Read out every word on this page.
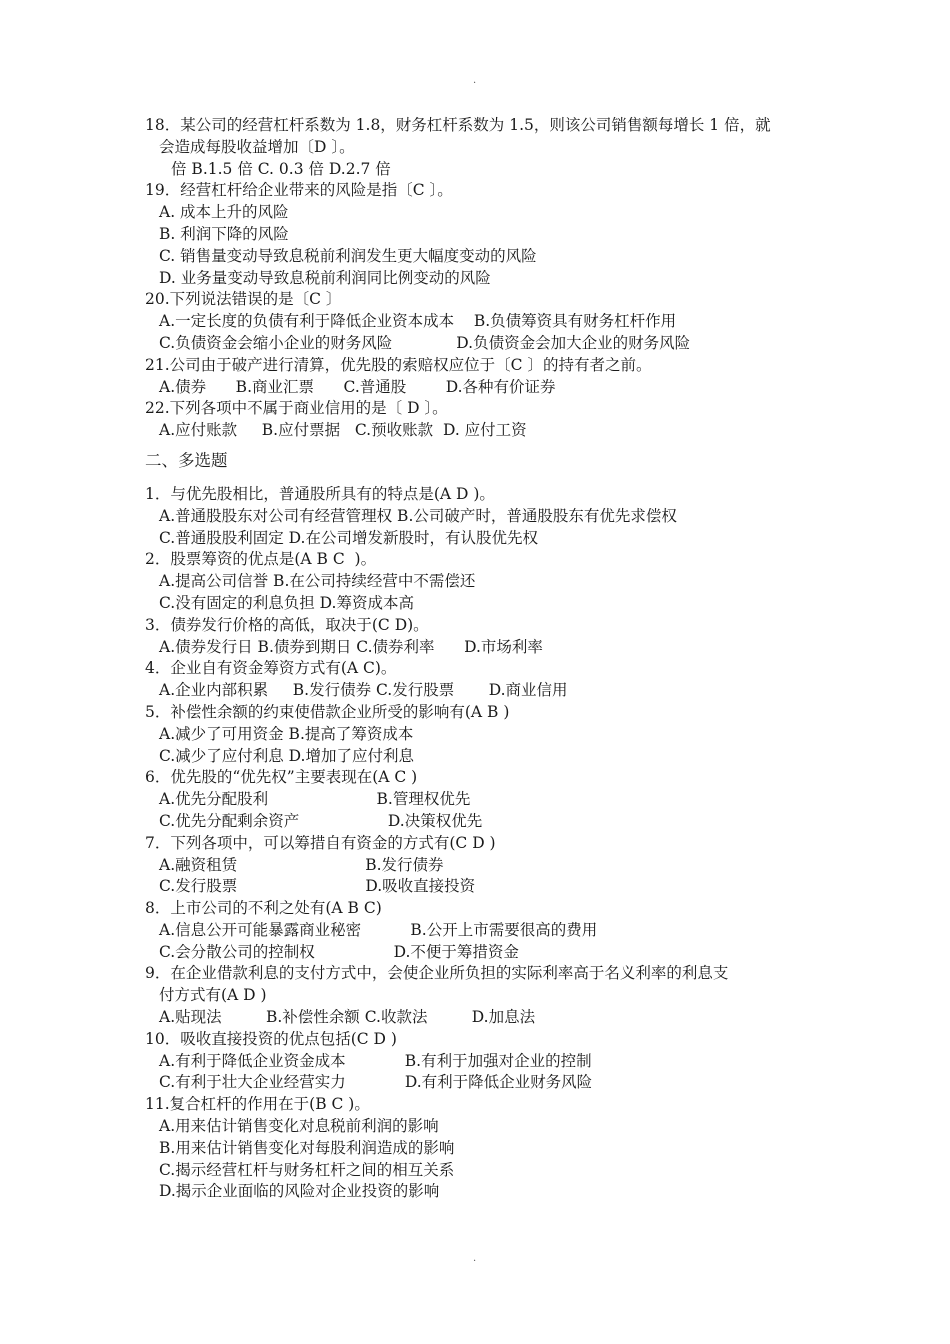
.
18．某公司的经营杠杆系数为 1.8，财务杠杆系数为 1.5，则该公司销售额每增长 1 倍，就
会造成每股收益增加〔D 〕。
倍 B.1.5 倍 C. 0.3 倍 D.2.7 倍
19．经营杠杆给企业带来的风险是指〔C 〕。
A. 成本上升的风险
B. 利润下降的风险
C. 销售量变动导致息税前利润发生更大幅度变动的风险
D. 业务量变动导致息税前利润同比例变动的风险
20.下列说法错误的是〔C 〕
A.一定长度的负债有利于降低企业资本成本    B.负债筹资具有财务杠杆作用
C.负债资金会缩小企业的财务风险             D.负债资金会加大企业的财务风险
21.公司由于破产进行清算，优先股的索赔权应位于〔C 〕的持有者之前。
A.债券      B.商业汇票      C.普通股        D.各种有价证券
22.下列各项中不属于商业信用的是〔 D 〕。
A.应付账款     B.应付票据   C.预收账款  D. 应付工资
二、多选题
1．与优先股相比，普通股所具有的特点是(A D )。
A.普通股股东对公司有经营管理权 B.公司破产时，普通股股东有优先求偿权
C.普通股股利固定 D.在公司增发新股时，有认股优先权
2．股票筹资的优点是(A B C  )。
A.提高公司信誉 B.在公司持续经营中不需偿还
C.没有固定的利息负担 D.筹资成本高
3．债券发行价格的高低，取决于(C D)。
A.债券发行日 B.债券到期日 C.债券利率      D.市场利率
4．企业自有资金筹资方式有(A C)。
A.企业内部积累     B.发行债券 C.发行股票       D.商业信用
5．补偿性余额的约束使借款企业所受的影响有(A B )
A.减少了可用资金 B.提高了筹资成本
C.减少了应付利息 D.增加了应付利息
6．优先股的“优先权”主要表现在(A C )
A.优先分配股利                      B.管理权优先
C.优先分配剩余资产                  D.决策权优先
7．下列各项中，可以筹措自有资金的方式有(C D )
A.融资租赁                          B.发行债券
C.发行股票                          D.吸收直接投资
8．上市公司的不利之处有(A B C)
A.信息公开可能暴露商业秘密          B.公开上市需要很高的费用
C.会分散公司的控制权                D.不便于筹措资金
9．在企业借款利息的支付方式中，会使企业所负担的实际利率高于名义利率的利息支
付方式有(A D )
A.贴现法         B.补偿性余额 C.收款法         D.加息法
10．吸收直接投资的优点包括(C D )
A.有利于降低企业资金成本            B.有利于加强对企业的控制
C.有利于壮大企业经营实力            D.有利于降低企业财务风险
11.复合杠杆的作用在于(B C )。
A.用来估计销售变化对息税前利润的影响
B.用来估计销售变化对每股利润造成的影响
C.揭示经营杠杆与财务杠杆之间的相互关系
D.揭示企业面临的风险对企业投资的影响
.
